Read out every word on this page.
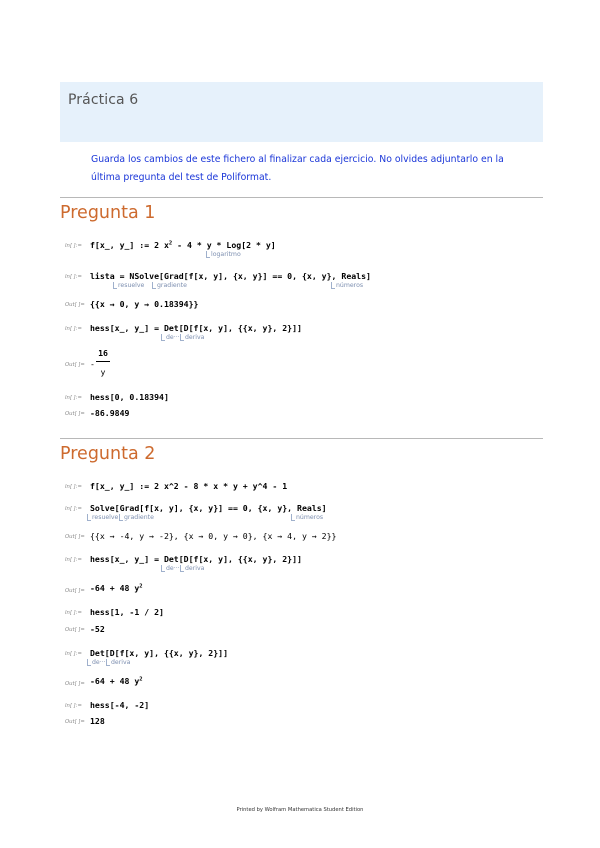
Práctica 6
Guarda los cambios de este fichero al finalizar cada ejercicio. No olvides adjuntarlo en la última pregunta del test de Poliformat.
Pregunta 1
In[ ]:= f[x_, y_] := 2 $x^2 - 4$ * y * Log[2 * y]
logaritmo
In[ ]:= lista = NSolve[Grad[f[x, y], {x, y}] == 0, {x, y}, Reals]
resuelve	gradiente	números
Out[ ]= {{x → 0, y → 0.18394}}
In[ ]:= hess[x_, y_] = Det[D[f[x, y], {{x, y}, 2}]]
de··· deriva
Out[ ]= -
16
y
In[ ]:= hess[0, 0.18394]
Out[ ]= -86.9849
Pregunta 2
In[ ]:= f[x_, y_] := 2 x^2 - 8 * x * y + y^4 - 1
In[ ]:= Solve[Grad[f[x, y], {x, y}] == 0, {x, y}, Reals]
resuelve gradiente	números
Out[ ]= {{x → -4, y → -2}, {x → 0, y → 0}, {x → 4, y → 2}}
In[ ]:= hess[x_, y_] = Det[D[f[x, y], {{x, y}, 2}]]
de··· deriva
Out[ ]= -64 + 48 $y^2$
In[ ]:= hess[1, -1 / 2]
Out[ ]= -52
In[ ]:= Det[D[f[x, y], {{x, y}, 2}]]
de··· deriva
Out[ ]= -64 + 48 $y^2$
In[ ]:= hess[-4, -2]
Out[ ]= 128
Printed by Wolfram Mathematica Student Edition
